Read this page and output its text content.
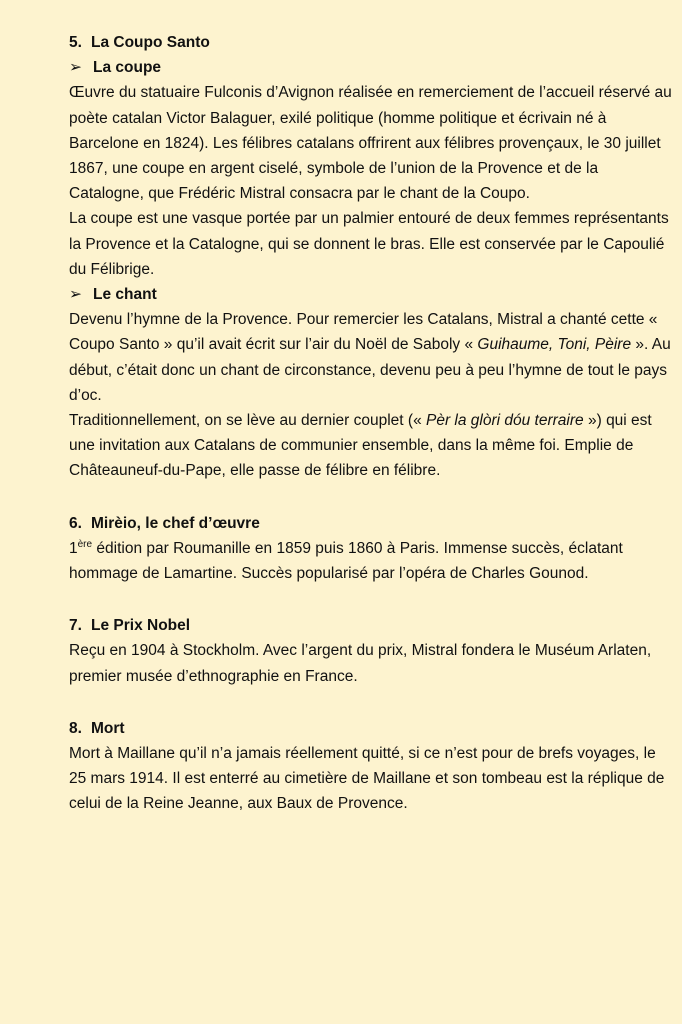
5. La Coupo Santo

➢ La coupe

Œuvre du statuaire Fulconis d’Avignon réalisée en remerciement de l’accueil réservé au poète catalan Victor Balaguer, exilé politique (homme politique et écrivain né à Barcelone en 1824). Les félibres catalans offrirent aux félibres provençaux, le 30 juillet 1867, une coupe en argent ciselé, symbole de l’union de la Provence et de la Catalogne, que Frédéric Mistral consacra par le chant de la Coupo.

La coupe est une vasque portée par un palmier entouré de deux femmes représentants la Provence et la Catalogne, qui se donnent le bras. Elle est conservée par le Capoulié du Félibrige.

➢ Le chant

Devenu l’hymne de la Provence. Pour remercier les Catalans, Mistral a chanté cette « Coupo Santo » qu’il avait écrit sur l’air du Noël de Saboly « Guihaume, Toni, Pèire ». Au début, c’était donc un chant de circonstance, devenu peu à peu l’hymne de tout le pays d’oc.

Traditionnellement, on se lève au dernier couplet (« Pèr la glòri dóu terraire ») qui est une invitation aux Catalans de communier ensemble, dans la même foi. Emplie de Châteauneuf-du-Pape, elle passe de félibre en félibre.

6. Mirèio, le chef d’œuvre

1ère édition par Roumanille en 1859 puis 1860 à Paris. Immense succès, éclatant hommage de Lamartine. Succès popularisé par l’opéra de Charles Gounod.

7. Le Prix Nobel

Reçu en 1904 à Stockholm. Avec l’argent du prix, Mistral fondera le Muséum Arlaten, premier musée d’ethnographie en France.

8. Mort

Mort à Maillane qu’il n’a jamais réellement quitté, si ce n’est pour de brefs voyages, le 25 mars 1914. Il est enterré au cimetière de Maillane et son tombeau est la réplique de celui de la Reine Jeanne, aux Baux de Provence.
